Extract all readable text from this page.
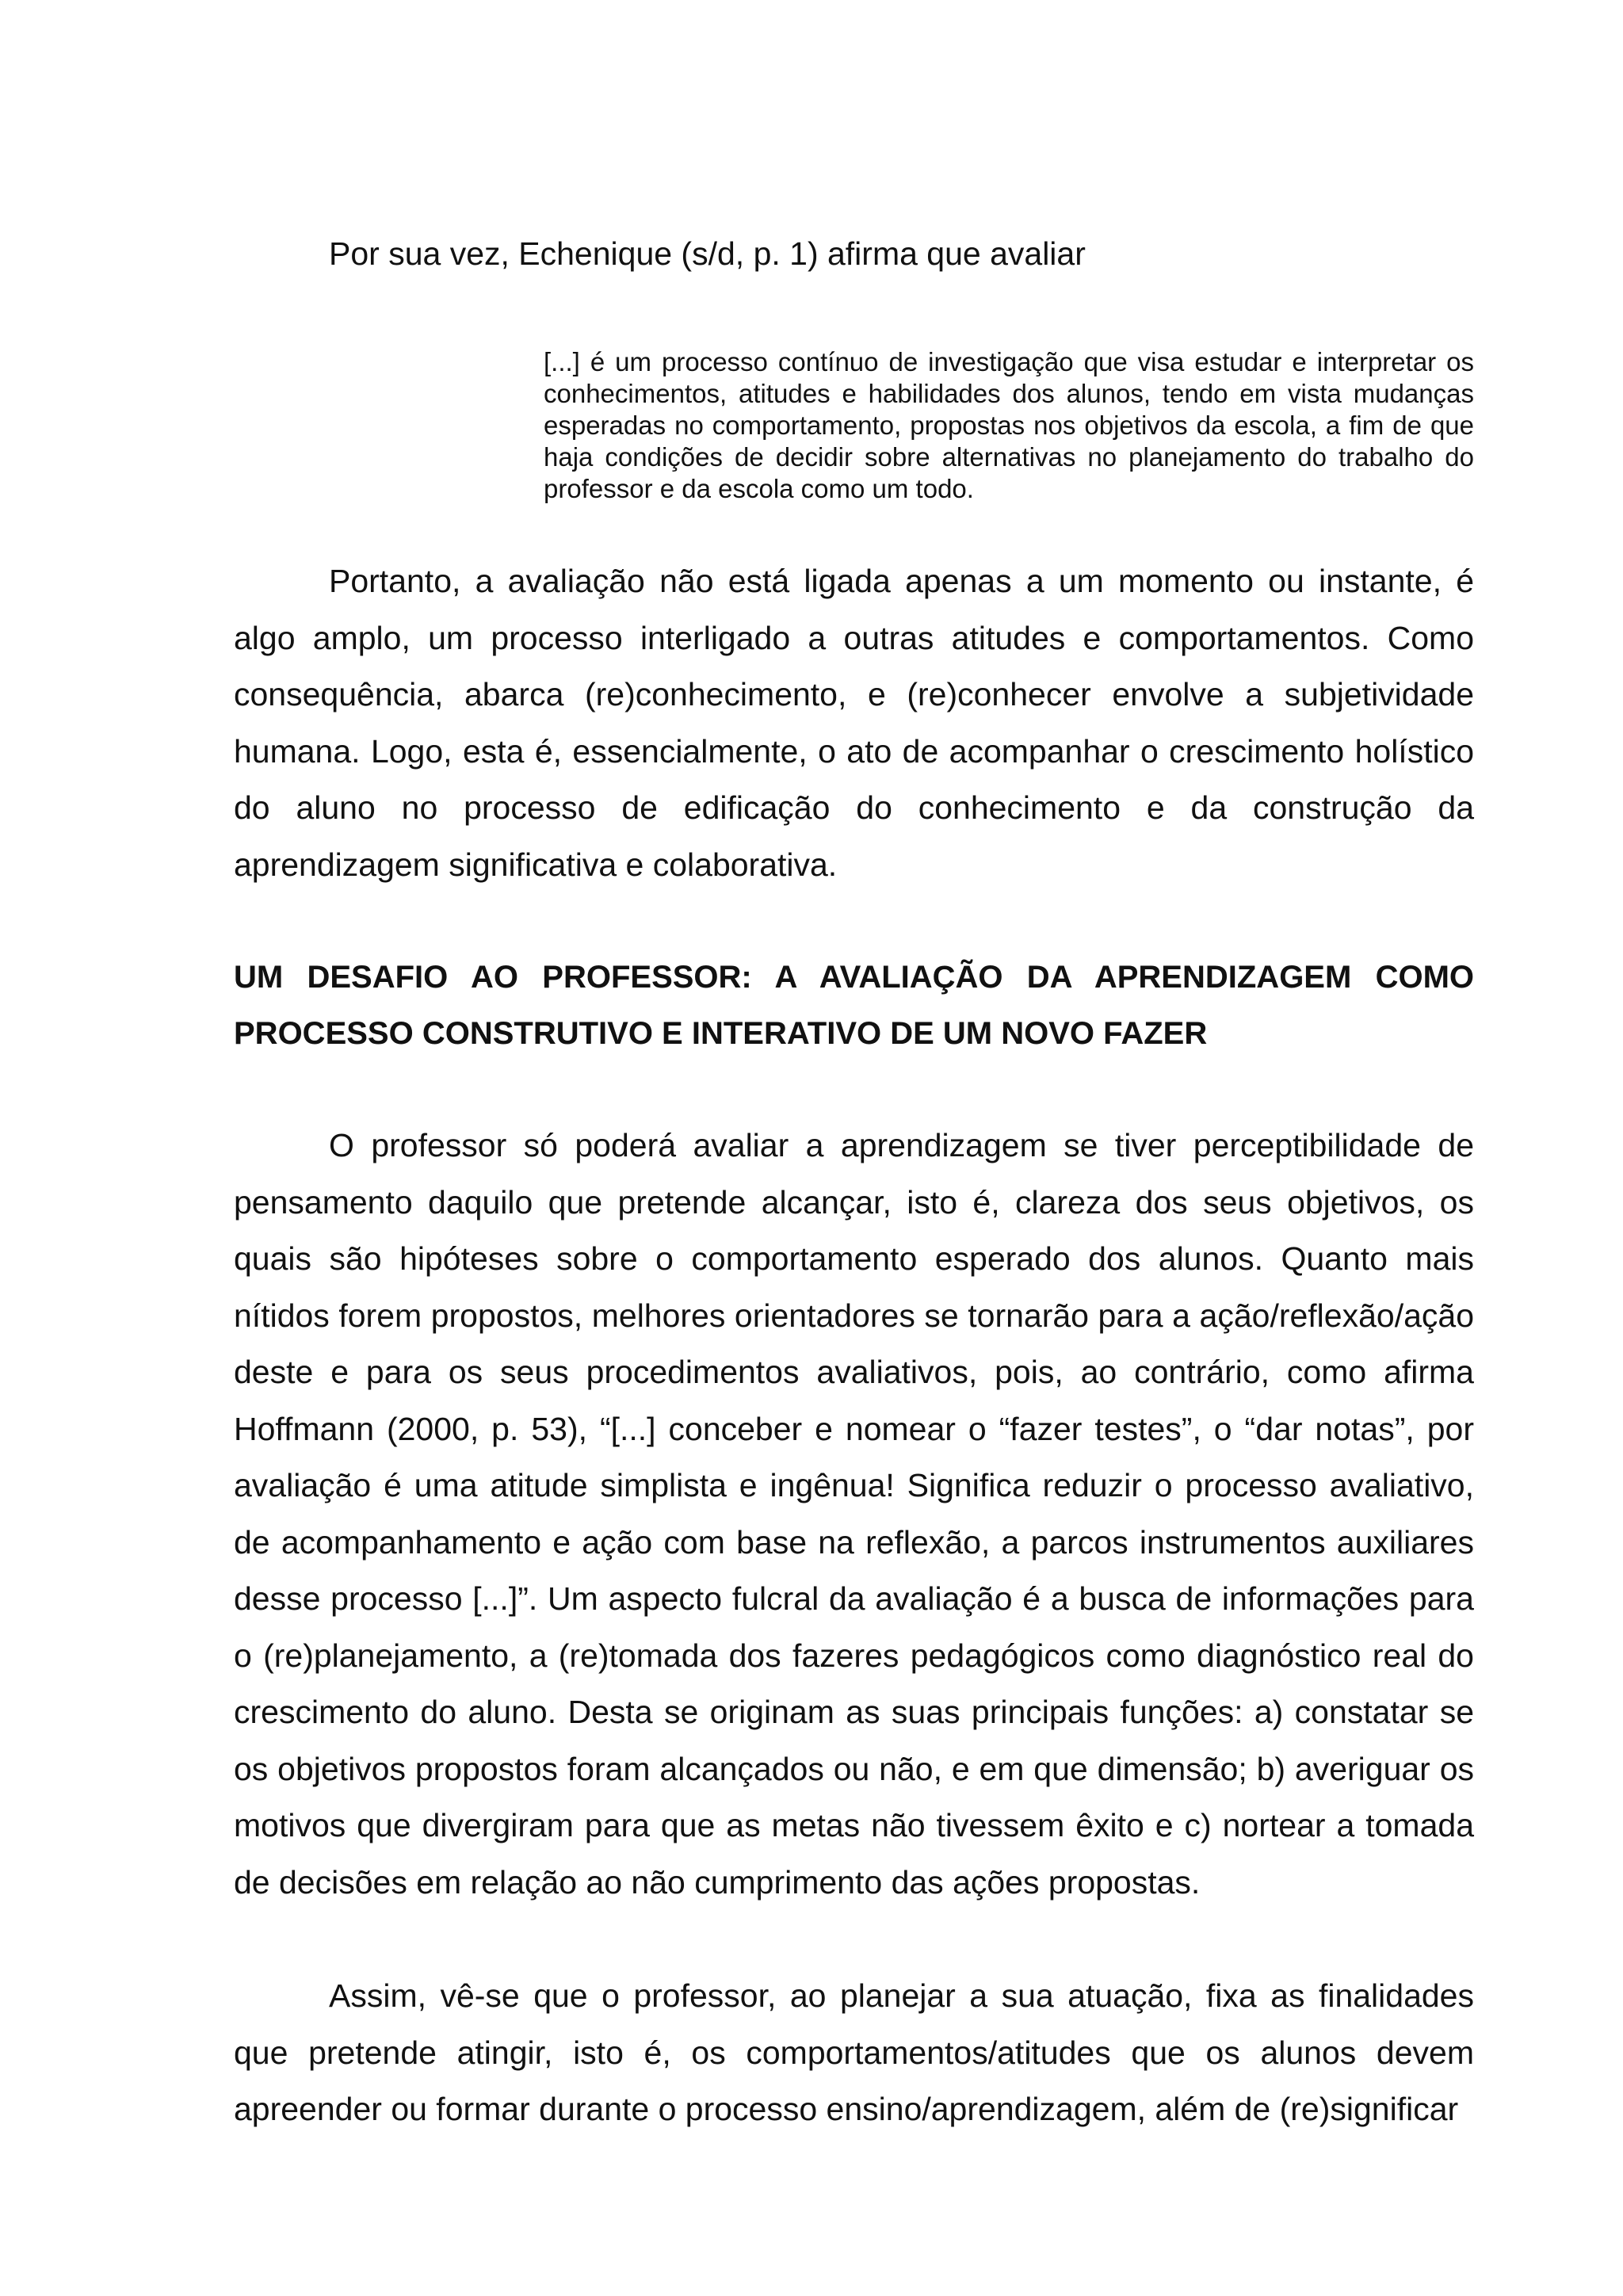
Por sua vez, Echenique (s/d, p. 1) afirma que avaliar

[...] é um processo contínuo de investigação que visa estudar e interpretar os conhecimentos, atitudes e habilidades dos alunos, tendo em vista mudanças esperadas no comportamento, propostas nos objetivos da escola, a fim de que haja condições de decidir sobre alternativas no planejamento do trabalho do professor e da escola como um todo.

Portanto, a avaliação não está ligada apenas a um momento ou instante, é algo amplo, um processo interligado a outras atitudes e comportamentos. Como consequência, abarca (re)conhecimento, e (re)conhecer envolve a subjetividade humana. Logo, esta é, essencialmente, o ato de acompanhar o crescimento holístico do aluno no processo de edificação do conhecimento e da construção da aprendizagem significativa e colaborativa.

UM DESAFIO AO PROFESSOR: A AVALIAÇÃO DA APRENDIZAGEM COMO PROCESSO CONSTRUTIVO E INTERATIVO DE UM NOVO FAZER

O professor só poderá avaliar a aprendizagem se tiver perceptibilidade de pensamento daquilo que pretende alcançar, isto é, clareza dos seus objetivos, os quais são hipóteses sobre o comportamento esperado dos alunos. Quanto mais nítidos forem propostos, melhores orientadores se tornarão para a ação/reflexão/ação deste e para os seus procedimentos avaliativos, pois, ao contrário, como afirma Hoffmann (2000, p. 53), “[...] conceber e nomear o “fazer testes”, o “dar notas”, por avaliação é uma atitude simplista e ingênua! Significa reduzir o processo avaliativo, de acompanhamento e ação com base na reflexão, a parcos instrumentos auxiliares desse processo [...]”. Um aspecto fulcral da avaliação é a busca de informações para o (re)planejamento, a (re)tomada dos fazeres pedagógicos como diagnóstico real do crescimento do aluno. Desta se originam as suas principais funções: a) constatar se os objetivos propostos foram alcançados ou não, e em que dimensão; b) averiguar os motivos que divergiram para que as metas não tivessem êxito e c) nortear a tomada de decisões em relação ao não cumprimento das ações propostas.

Assim, vê-se que o professor, ao planejar a sua atuação, fixa as finalidades que pretende atingir, isto é, os comportamentos/atitudes que os alunos devem apreender ou formar durante o processo ensino/aprendizagem, além de (re)significar
